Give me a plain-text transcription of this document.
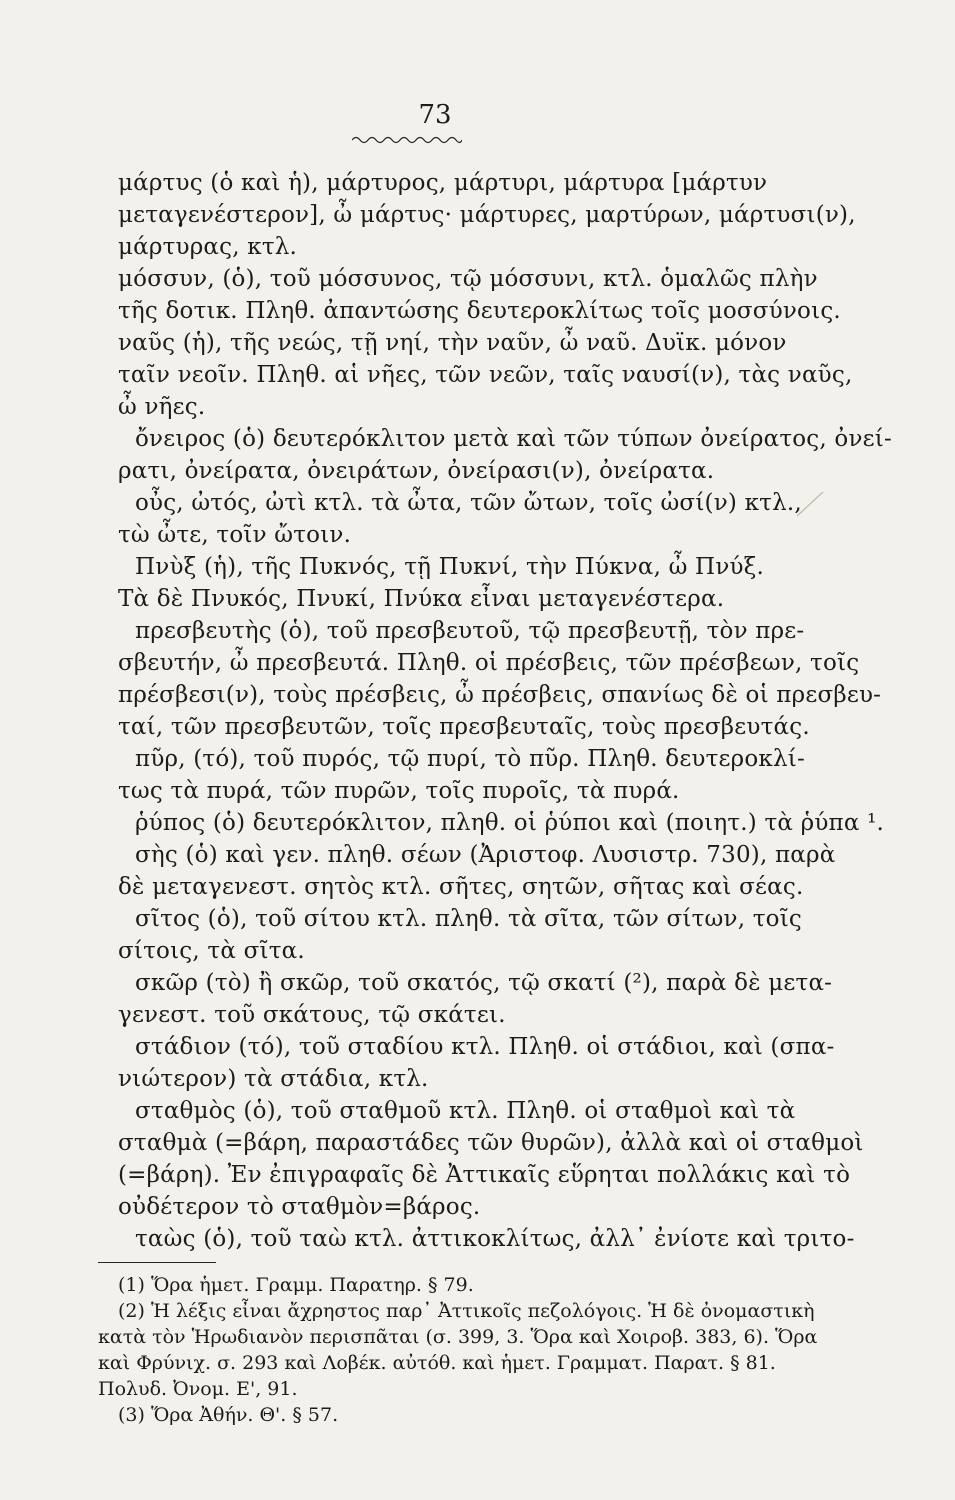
73
μάρτυς (ὁ καὶ ἡ), μάρτυρος, μάρτυρι, μάρτυρα [μάρτυν
μεταγενέστερον], ὦ μάρτυς· μάρτυρες, μαρτύρων, μάρτυσι(ν),
μάρτυρας, κτλ.
μόσσυν, (ὁ), τοῦ μόσσυνος, τῷ μόσσυνι, κτλ. ὁμαλῶς πλὴν
τῆς δοτικ. Πληθ. ἀπαντώσης δευτεροκλίτως τοῖς μοσσύνοις.
ναῦς (ἡ), τῆς νεώς, τῇ νηί, τὴν ναῦν, ὦ ναῦ. Δυϊκ. μόνον
ταῖν νεοῖν. Πληθ. αἱ νῆες, τῶν νεῶν, ταῖς ναυσί(ν), τὰς ναῦς,
ὦ νῆες.
ὄνειρος (ὁ) δευτερόκλιτον μετὰ καὶ τῶν τύπων ὀνείρατος, ὀνεί-
ρατι, ὀνείρατα, ὀνειράτων, ὀνείρασι(ν), ὀνείρατα.
οὖς, ὠτός, ὠτὶ κτλ. τὰ ὦτα, τῶν ὤτων, τοῖς ὠσί(ν) κτλ.,
τὼ ὦτε, τοῖν ὤτοιν.
Πνὺξ (ἡ), τῆς Πυκνός, τῇ Πυκνί, τὴν Πύκνα, ὦ Πνύξ.
Τὰ δὲ Πνυκός, Πνυκί, Πνύκα εἶναι μεταγενέστερα.
πρεσβευτὴς (ὁ), τοῦ πρεσβευτοῦ, τῷ πρεσβευτῇ, τὸν πρε-
σβευτήν, ὦ πρεσβευτά. Πληθ. οἱ πρέσβεις, τῶν πρέσβεων, τοῖς
πρέσβεσι(ν), τοὺς πρέσβεις, ὦ πρέσβεις, σπανίως δὲ οἱ πρεσβευ-
ταί, τῶν πρεσβευτῶν, τοῖς πρεσβευταῖς, τοὺς πρεσβευτάς.
πῦρ, (τό), τοῦ πυρός, τῷ πυρί, τὸ πῦρ. Πληθ. δευτεροκλί-
τως τὰ πυρά, τῶν πυρῶν, τοῖς πυροῖς, τὰ πυρά.
ῥύπος (ὁ) δευτερόκλιτον, πληθ. οἱ ῥύποι καὶ (ποιητ.) τὰ ῥύπα ¹.
σὴς (ὁ) καὶ γεν. πληθ. σέων (Ἀριστοφ. Λυσιστρ. 730), παρὰ
δὲ μεταγενεστ. σητὸς κτλ. σῆτες, σητῶν, σῆτας καὶ σέας.
σῖτος (ὁ), τοῦ σίτου κτλ. πληθ. τὰ σῖτα, τῶν σίτων, τοῖς
σίτοις, τὰ σῖτα.
σκῶρ (τὸ) ἢ σκῶρ, τοῦ σκατός, τῷ σκατί (²), παρὰ δὲ μετα-
γενεστ. τοῦ σκάτους, τῷ σκάτει.
στάδιον (τό), τοῦ σταδίου κτλ. Πληθ. οἱ στάδιοι, καὶ (σπα-
νιώτερον) τὰ στάδια, κτλ.
σταθμὸς (ὁ), τοῦ σταθμοῦ κτλ. Πληθ. οἱ σταθμοὶ καὶ τὰ
σταθμὰ (=βάρη, παραστάδες τῶν θυρῶν), ἀλλὰ καὶ οἱ σταθμοὶ
(=βάρη). Ἐν ἐπιγραφαῖς δὲ Ἀττικαῖς εὕρηται πολλάκις καὶ τὸ
οὐδέτερον τὸ σταθμὸν=βάρος.
ταὼς (ὁ), τοῦ ταὼ κτλ. ἀττικοκλίτως, ἀλλ᾽ ἐνίοτε καὶ τριτο-
(1) Ὅρα ἡμετ. Γραμμ. Παρατηρ. § 79.
(2) Ἡ λέξις εἶναι ἄχρηστος παρ᾽ Ἀττικοῖς πεζολόγοις. Ἡ δὲ ὀνομαστικὴ
κατὰ τὸν Ἡρωδιανὸν περισπᾶται (σ. 399, 3. Ὅρα καὶ Χοιροβ. 383, 6). Ὅρα
καὶ Φρύνιχ. σ. 293 καὶ Λοβέκ. αὐτόθ. καὶ ἡμετ. Γραμματ. Παρατ. § 81.
Πολυδ. Ὀνομ. Ε', 91.
(3) Ὅρα Ἀθήν. Θ'. § 57.
